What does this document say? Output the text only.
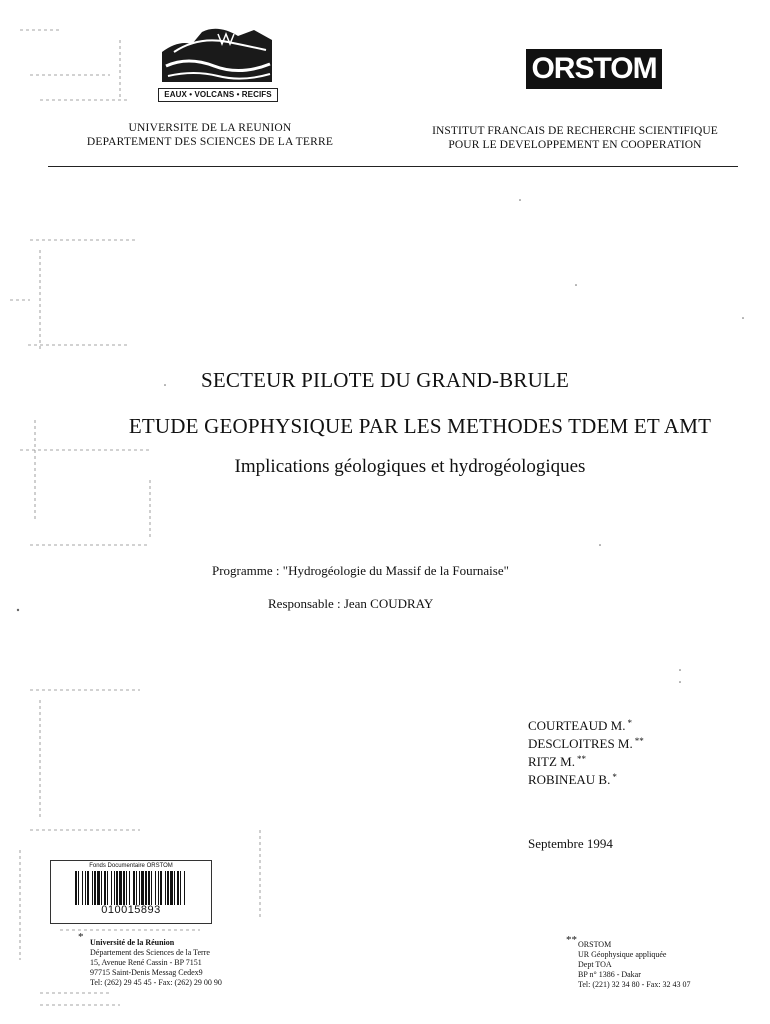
EAUX • VOLCANS • RECIFS
ORSTOM
UNIVERSITE DE LA REUNION
DEPARTEMENT DES SCIENCES DE LA TERRE
INSTITUT FRANCAIS DE RECHERCHE SCIENTIFIQUE
POUR LE DEVELOPPEMENT EN COOPERATION
SECTEUR PILOTE DU GRAND-BRULE
ETUDE GEOPHYSIQUE PAR LES METHODES TDEM ET AMT
Implications géologiques et hydrogéologiques
Programme : "Hydrogéologie du Massif de la Fournaise"
Responsable : Jean COUDRAY
COURTEAUD M. *
DESCLOITRES M. **
RITZ M. **
ROBINEAU B. *
Septembre 1994
Fonds Documentaire ORSTOM
010015893
* Université de la Réunion
Département des Sciences de la Terre
15, Avenue René Cassin - BP 7151
97715 Saint-Denis Messag Cedex9
Tel: (262) 29 45 45 - Fax: (262) 29 00 90
** ORSTOM
UR Géophysique appliquée
Dept TOA
BP n° 1386 - Dakar
Tel: (221) 32 34 80 - Fax: 32 43 07
